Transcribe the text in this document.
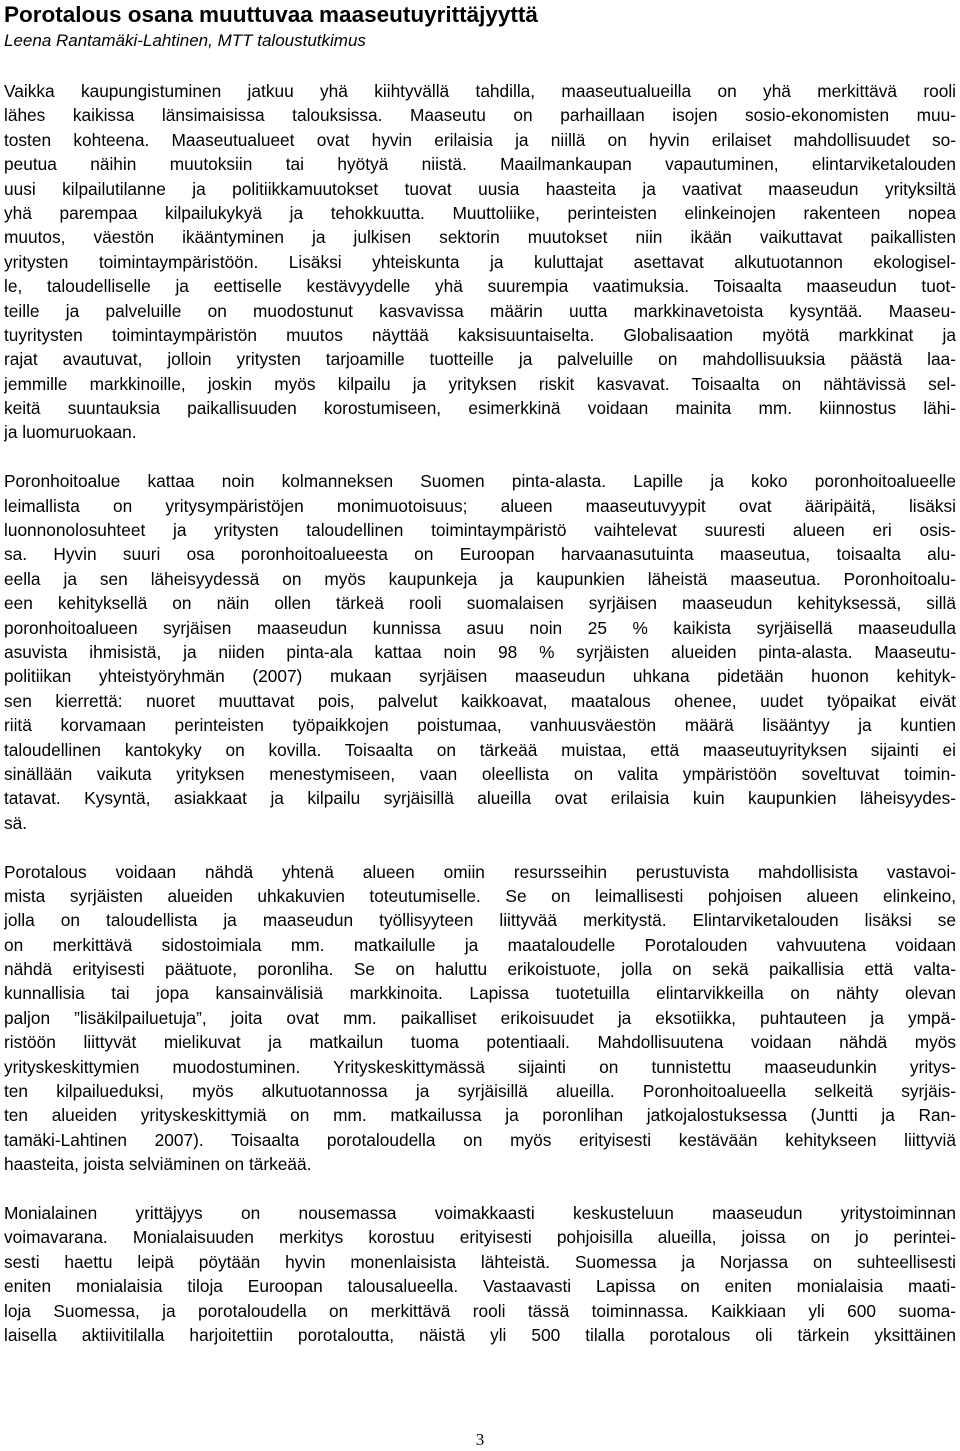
Porotalous osana muuttuvaa maaseutuyrittäjyyttä

Leena Rantamäki-Lahtinen, MTT taloustutkimus

Vaikka kaupungistuminen jatkuu yhä kiihtyvällä tahdilla, maaseutualueilla on yhä merkittävä rooli
lähes kaikissa länsimaisissa talouksissa. Maaseutu on parhaillaan isojen sosio-ekonomisten muu-
tosten kohteena. Maaseutualueet ovat hyvin erilaisia ja niillä on hyvin erilaiset mahdollisuudet so-
peutua näihin muutoksiin tai hyötyä niistä. Maailmankaupan vapautuminen, elintarviketalouden
uusi kilpailutilanne ja politiikkamuutokset tuovat uusia haasteita ja vaativat maaseudun yrityksiltä
yhä parempaa kilpailukykyä ja tehokkuutta. Muuttoliike, perinteisten elinkeinojen rakenteen nopea
muutos, väestön ikääntyminen ja julkisen sektorin muutokset niin ikään vaikuttavat paikallisten
yritysten toimintaympäristöön. Lisäksi yhteiskunta ja kuluttajat asettavat alkutuotannon ekologisel-
le, taloudelliselle ja eettiselle kestävyydelle yhä suurempia vaatimuksia. Toisaalta maaseudun tuot-
teille ja palveluille on muodostunut kasvavissa määrin uutta markkinavetoista kysyntää. Maaseu-
tuyritysten toimintaympäristön muutos näyttää kaksisuuntaiselta. Globalisaation myötä markkinat ja
rajat avautuvat, jolloin yritysten tarjoamille tuotteille ja palveluille on mahdollisuuksia päästä laa-
jemmille markkinoille, joskin myös kilpailu ja yrityksen riskit kasvavat. Toisaalta on nähtävissä sel-
keitä suuntauksia paikallisuuden korostumiseen, esimerkkinä voidaan mainita mm. kiinnostus lähi-
ja luomuruokaan.
Poronhoitoalue kattaa noin kolmanneksen Suomen pinta-alasta. Lapille ja koko poronhoitoalueelle
leimallista on yritysympäristöjen monimuotoisuus; alueen maaseutuvyypit ovat ääripäitä, lisäksi
luonnonolosuhteet ja yritysten taloudellinen toimintaympäristö vaihtelevat suuresti alueen eri osis-
sa. Hyvin suuri osa poronhoitoalueesta on Euroopan harvaanasutuinta maaseutua, toisaalta alu-
eella ja sen läheisyydessä on myös kaupunkeja ja kaupunkien läheistä maaseutua. Poronhoitoalu-
een kehityksellä on näin ollen tärkeä rooli suomalaisen syrjäisen maaseudun kehityksessä, sillä
poronhoitoalueen syrjäisen maaseudun kunnissa asuu noin 25 % kaikista syrjäisellä maaseudulla
asuvista ihmisistä, ja niiden pinta-ala kattaa noin 98 % syrjäisten alueiden pinta-alasta. Maaseutu-
politiikan yhteistyöryhmän (2007) mukaan syrjäisen maaseudun uhkana pidetään huonon kehityk-
sen kierrettä: nuoret muuttavat pois, palvelut kaikkoavat, maatalous ohenee, uudet työpaikat eivät
riitä korvamaan perinteisten työpaikkojen poistumaa, vanhuusväestön määrä lisääntyy ja kuntien
taloudellinen kantokyky on kovilla. Toisaalta on tärkeää muistaa, että maaseutuyrityksen sijainti ei
sinällään vaikuta yrityksen menestymiseen, vaan oleellista on valita ympäristöön soveltuvat toimin-
tatavat. Kysyntä, asiakkaat ja kilpailu syrjäisillä alueilla ovat erilaisia kuin kaupunkien läheisyydes-
sä.
Porotalous voidaan nähdä yhtenä alueen omiin resursseihin perustuvista mahdollisista vastavoi-
mista syrjäisten alueiden uhkakuvien toteutumiselle. Se on leimallisesti pohjoisen alueen elinkeino,
jolla on taloudellista ja maaseudun työllisyyteen liittyvää merkitystä. Elintarviketalouden lisäksi se
on merkittävä sidostoimiala mm. matkailulle ja maataloudelle Porotalouden vahvuutena voidaan
nähdä erityisesti päätuote, poronliha. Se on haluttu erikoistuote, jolla on sekä paikallisia että valta-
kunnallisia tai jopa kansainvälisiä markkinoita. Lapissa tuotetuilla elintarvikkeilla on nähty olevan
paljon ”lisäkilpailuetuja”, joita ovat mm. paikalliset erikoisuudet ja eksotiikka, puhtauteen ja ympä-
ristöön liittyvät mielikuvat ja matkailun tuoma potentiaali. Mahdollisuutena voidaan nähdä myös
yrityskeskittymien muodostuminen. Yrityskeskittymässä sijainti on tunnistettu maaseudunkin yritys-
ten kilpailueduksi, myös alkutuotannossa ja syrjäisillä alueilla. Poronhoitoalueella selkeitä syrjäis-
ten alueiden yrityskeskittymiä on mm. matkailussa ja poronlihan jatkojalostuksessa (Juntti ja Ran-
tamäki-Lahtinen 2007). Toisaalta porotaloudella on myös erityisesti kestävään kehitykseen liittyviä
haasteita, joista selviäminen on tärkeää.
Monialainen yrittäjyys on nousemassa voimakkaasti keskusteluun maaseudun yritystoiminnan
voimavarana. Monialaisuuden merkitys korostuu erityisesti pohjoisilla alueilla, joissa on jo perintei-
sesti haettu leipä pöytään hyvin monenlaisista lähteistä. Suomessa ja Norjassa on suhteellisesti
eniten monialaisia tiloja Euroopan talousalueella. Vastaavasti Lapissa on eniten monialaisia maati-
loja Suomessa, ja porotaloudella on merkittävä rooli tässä toiminnassa. Kaikkiaan yli 600 suoma-
laisella aktiivitilalla harjoitettiin porotaloutta, näistä yli 500 tilalla porotalous oli tärkein yksittäinen
3
